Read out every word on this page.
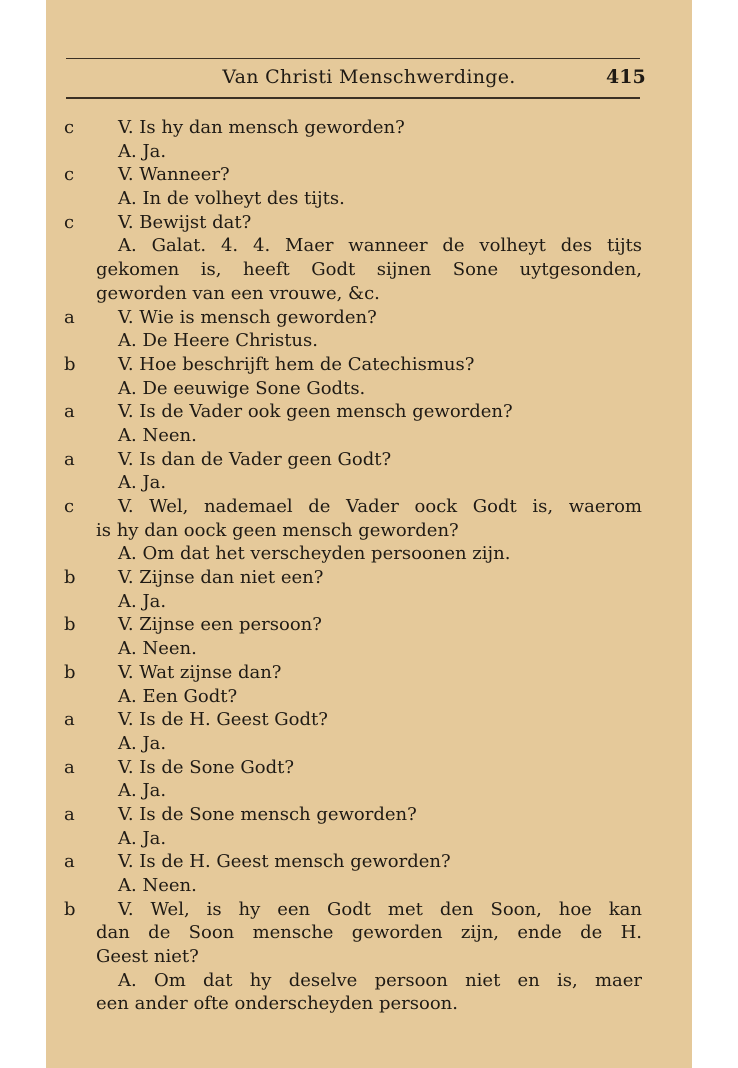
Van Christi Menschwerdinge.	415
c	V. Is hy dan mensch geworden?
A. Ja.
c	V. Wanneer?
A. In de volheyt des tijts.
c	V. Bewijst dat?
A. Galat. 4. 4. Maer wanneer de volheyt des tijts
gekomen is, heeft Godt sijnen Sone uytgesonden,
geworden van een vrouwe, &c.
a V. Wie is mensch geworden?
A. De Heere Christus.
b V. Hoe beschrijft hem de Catechismus?
A. De eeuwige Sone Godts.
a V. Is de Vader ook geen mensch geworden?
A. Neen.
a V. Is dan de Vader geen Godt?
A. Ja.
c	V. Wel, nademael de Vader oock Godt is, waerom
is hy dan oock geen mensch geworden?
A. Om dat het verscheyden persoonen zijn.
b V. Zijnse dan niet een?
A. Ja.
b V. Zijnse een persoon?
A. Neen.
b V. Wat zijnse dan?
A. Een Godt?
a V. Is de H. Geest Godt?
A. Ja.
a V. Is de Sone Godt?
A. Ja.
a V. Is de Sone mensch geworden?
A. Ja.
a V. Is de H. Geest mensch geworden?
A. Neen.
b V. Wel, is hy een Godt met den Soon, hoe kan
dan de Soon mensche geworden zijn, ende de H.
Geest niet?
A. Om dat hy deselve persoon niet en is, maer
een ander ofte onderscheyden persoon.
